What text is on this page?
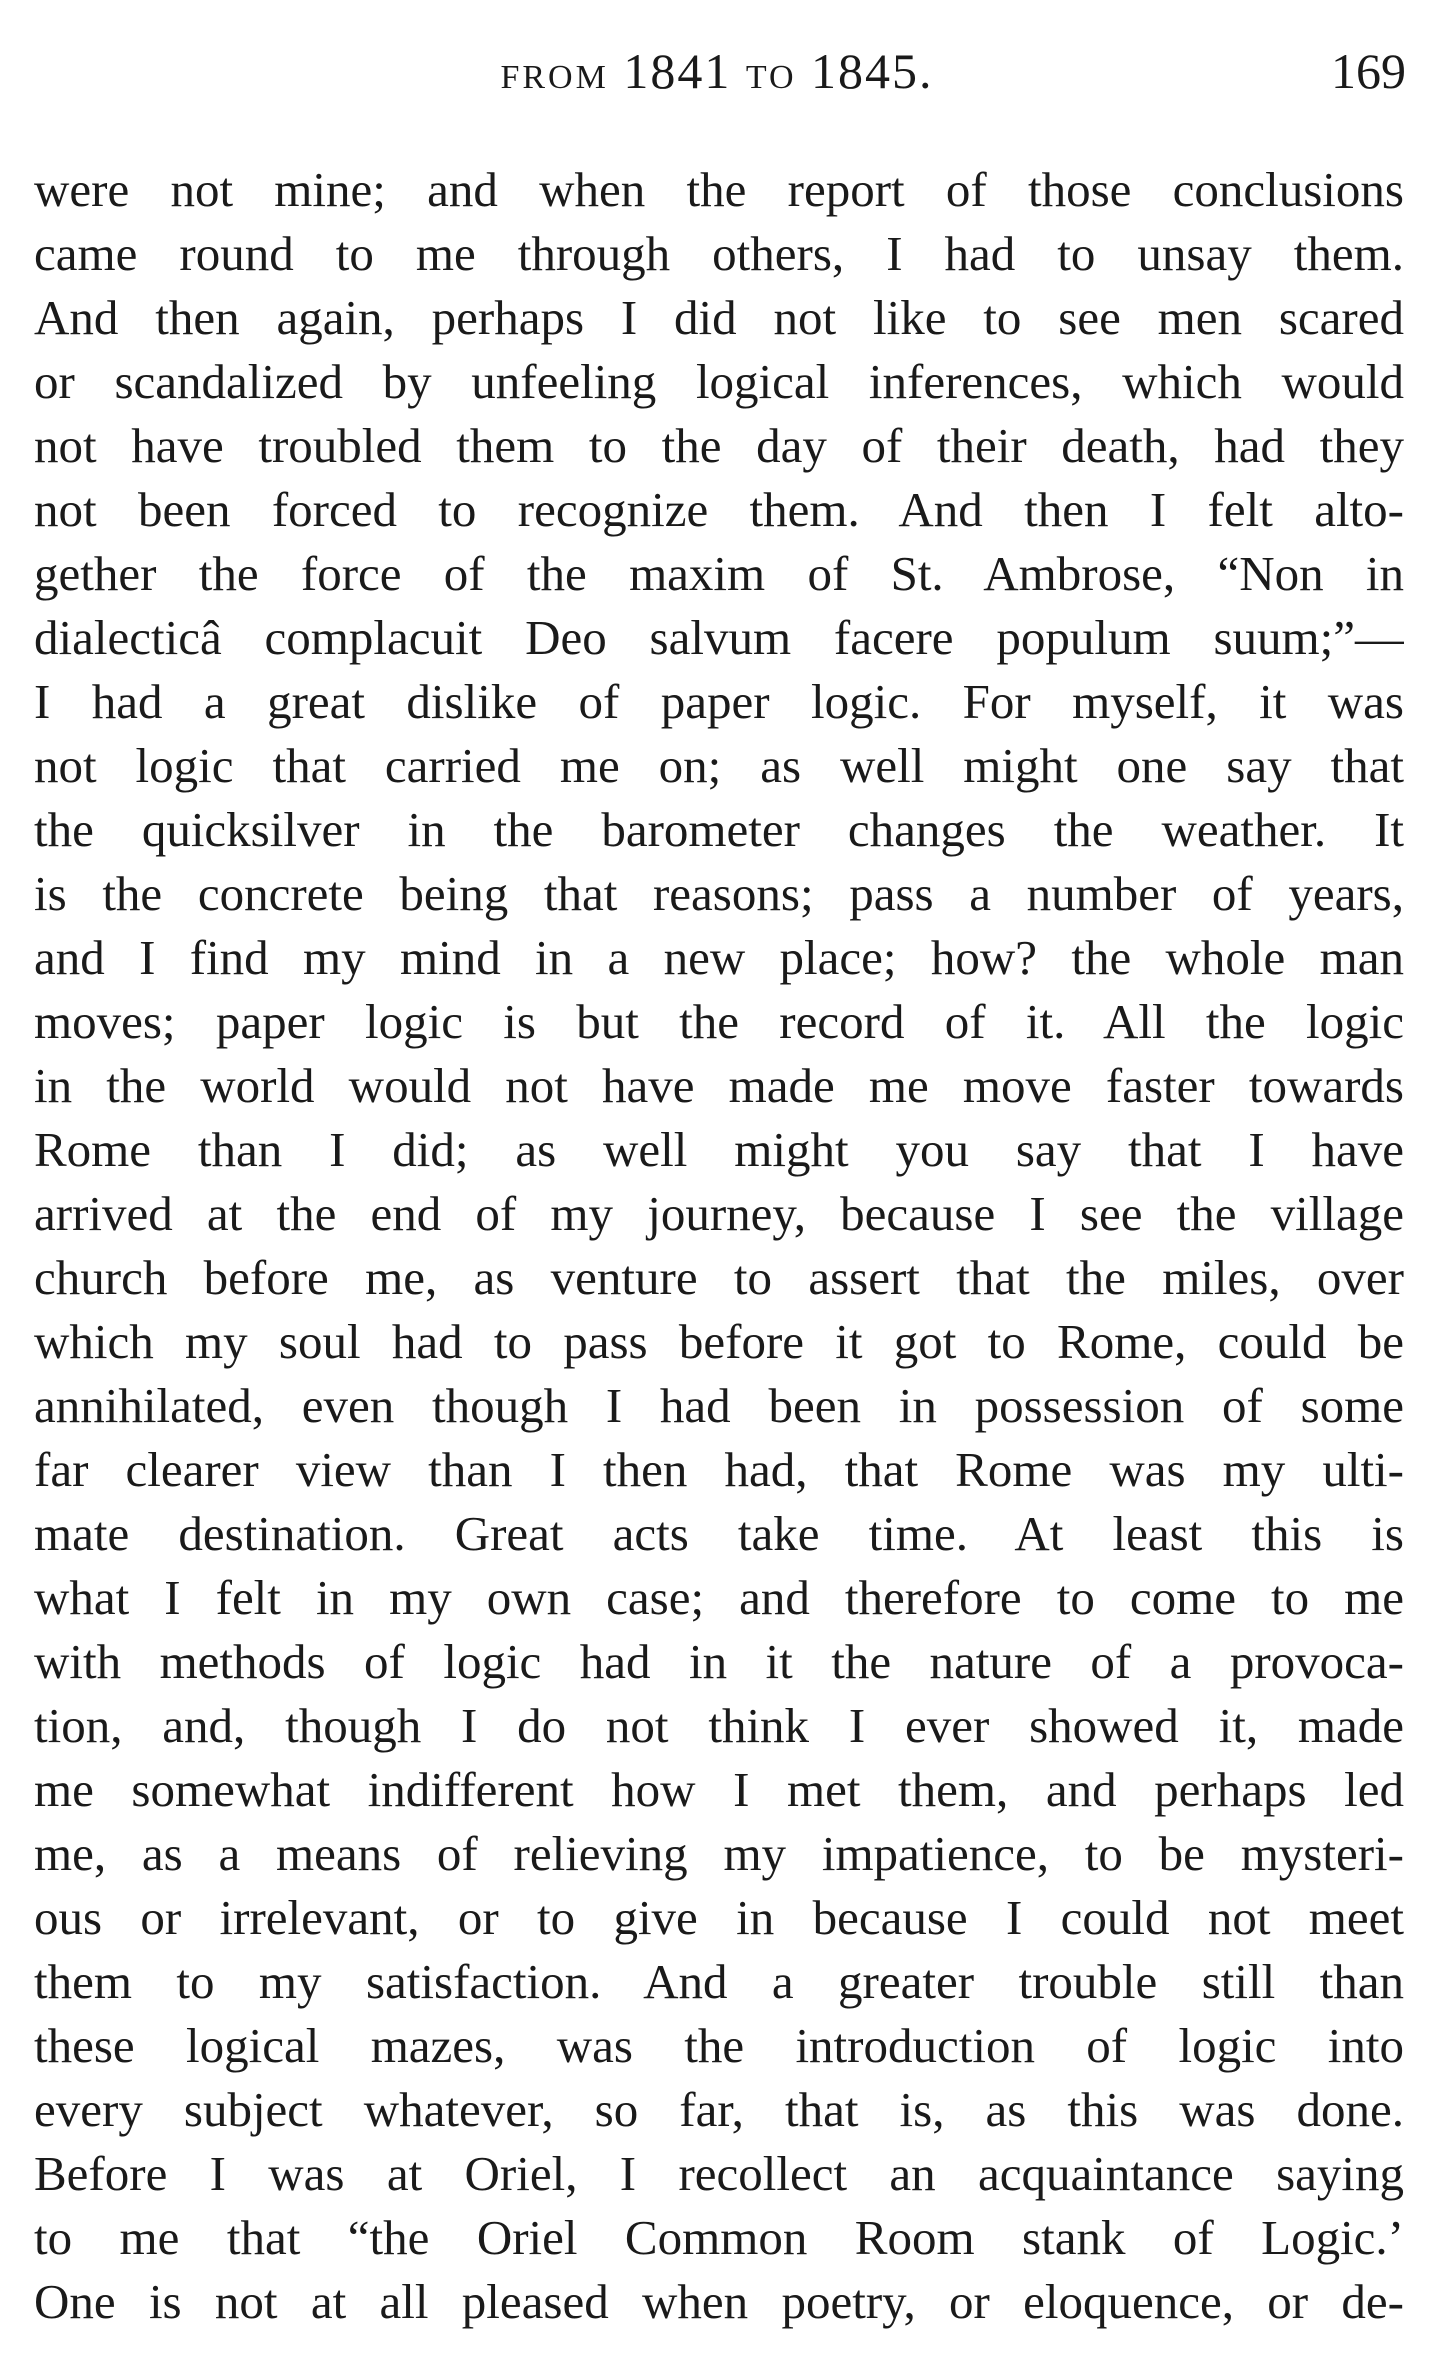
FROM 1841 TO 1845.	169
were not mine; and when the report of those conclusions
came round to me through others, I had to unsay them.
And then again, perhaps I did not like to see men scared
or scandalized by unfeeling logical inferences, which would
not have troubled them to the day of their death, had they
not been forced to recognize them. And then I felt alto-
gether the force of the maxim of St. Ambrose, “Non in
dialecticâ complacuit Deo salvum facere populum suum;”—
I had a great dislike of paper logic. For myself, it was
not logic that carried me on; as well might one say that
the quicksilver in the barometer changes the weather. It
is the concrete being that reasons; pass a number of years,
and I find my mind in a new place; how? the whole man
moves; paper logic is but the record of it. All the logic
in the world would not have made me move faster towards
Rome than I did; as well might you say that I have
arrived at the end of my journey, because I see the village
church before me, as venture to assert that the miles, over
which my soul had to pass before it got to Rome, could be
annihilated, even though I had been in possession of some
far clearer view than I then had, that Rome was my ulti-
mate destination. Great acts take time. At least this is
what I felt in my own case; and therefore to come to me
with methods of logic had in it the nature of a provoca-
tion, and, though I do not think I ever showed it, made
me somewhat indifferent how I met them, and perhaps led
me, as a means of relieving my impatience, to be mysteri-
ous or irrelevant, or to give in because I could not meet
them to my satisfaction. And a greater trouble still than
these logical mazes, was the introduction of logic into
every subject whatever, so far, that is, as this was done.
Before I was at Oriel, I recollect an acquaintance saying
to me that “the Oriel Common Room stank of Logic.’
One is not at all pleased when poetry, or eloquence, or de-
